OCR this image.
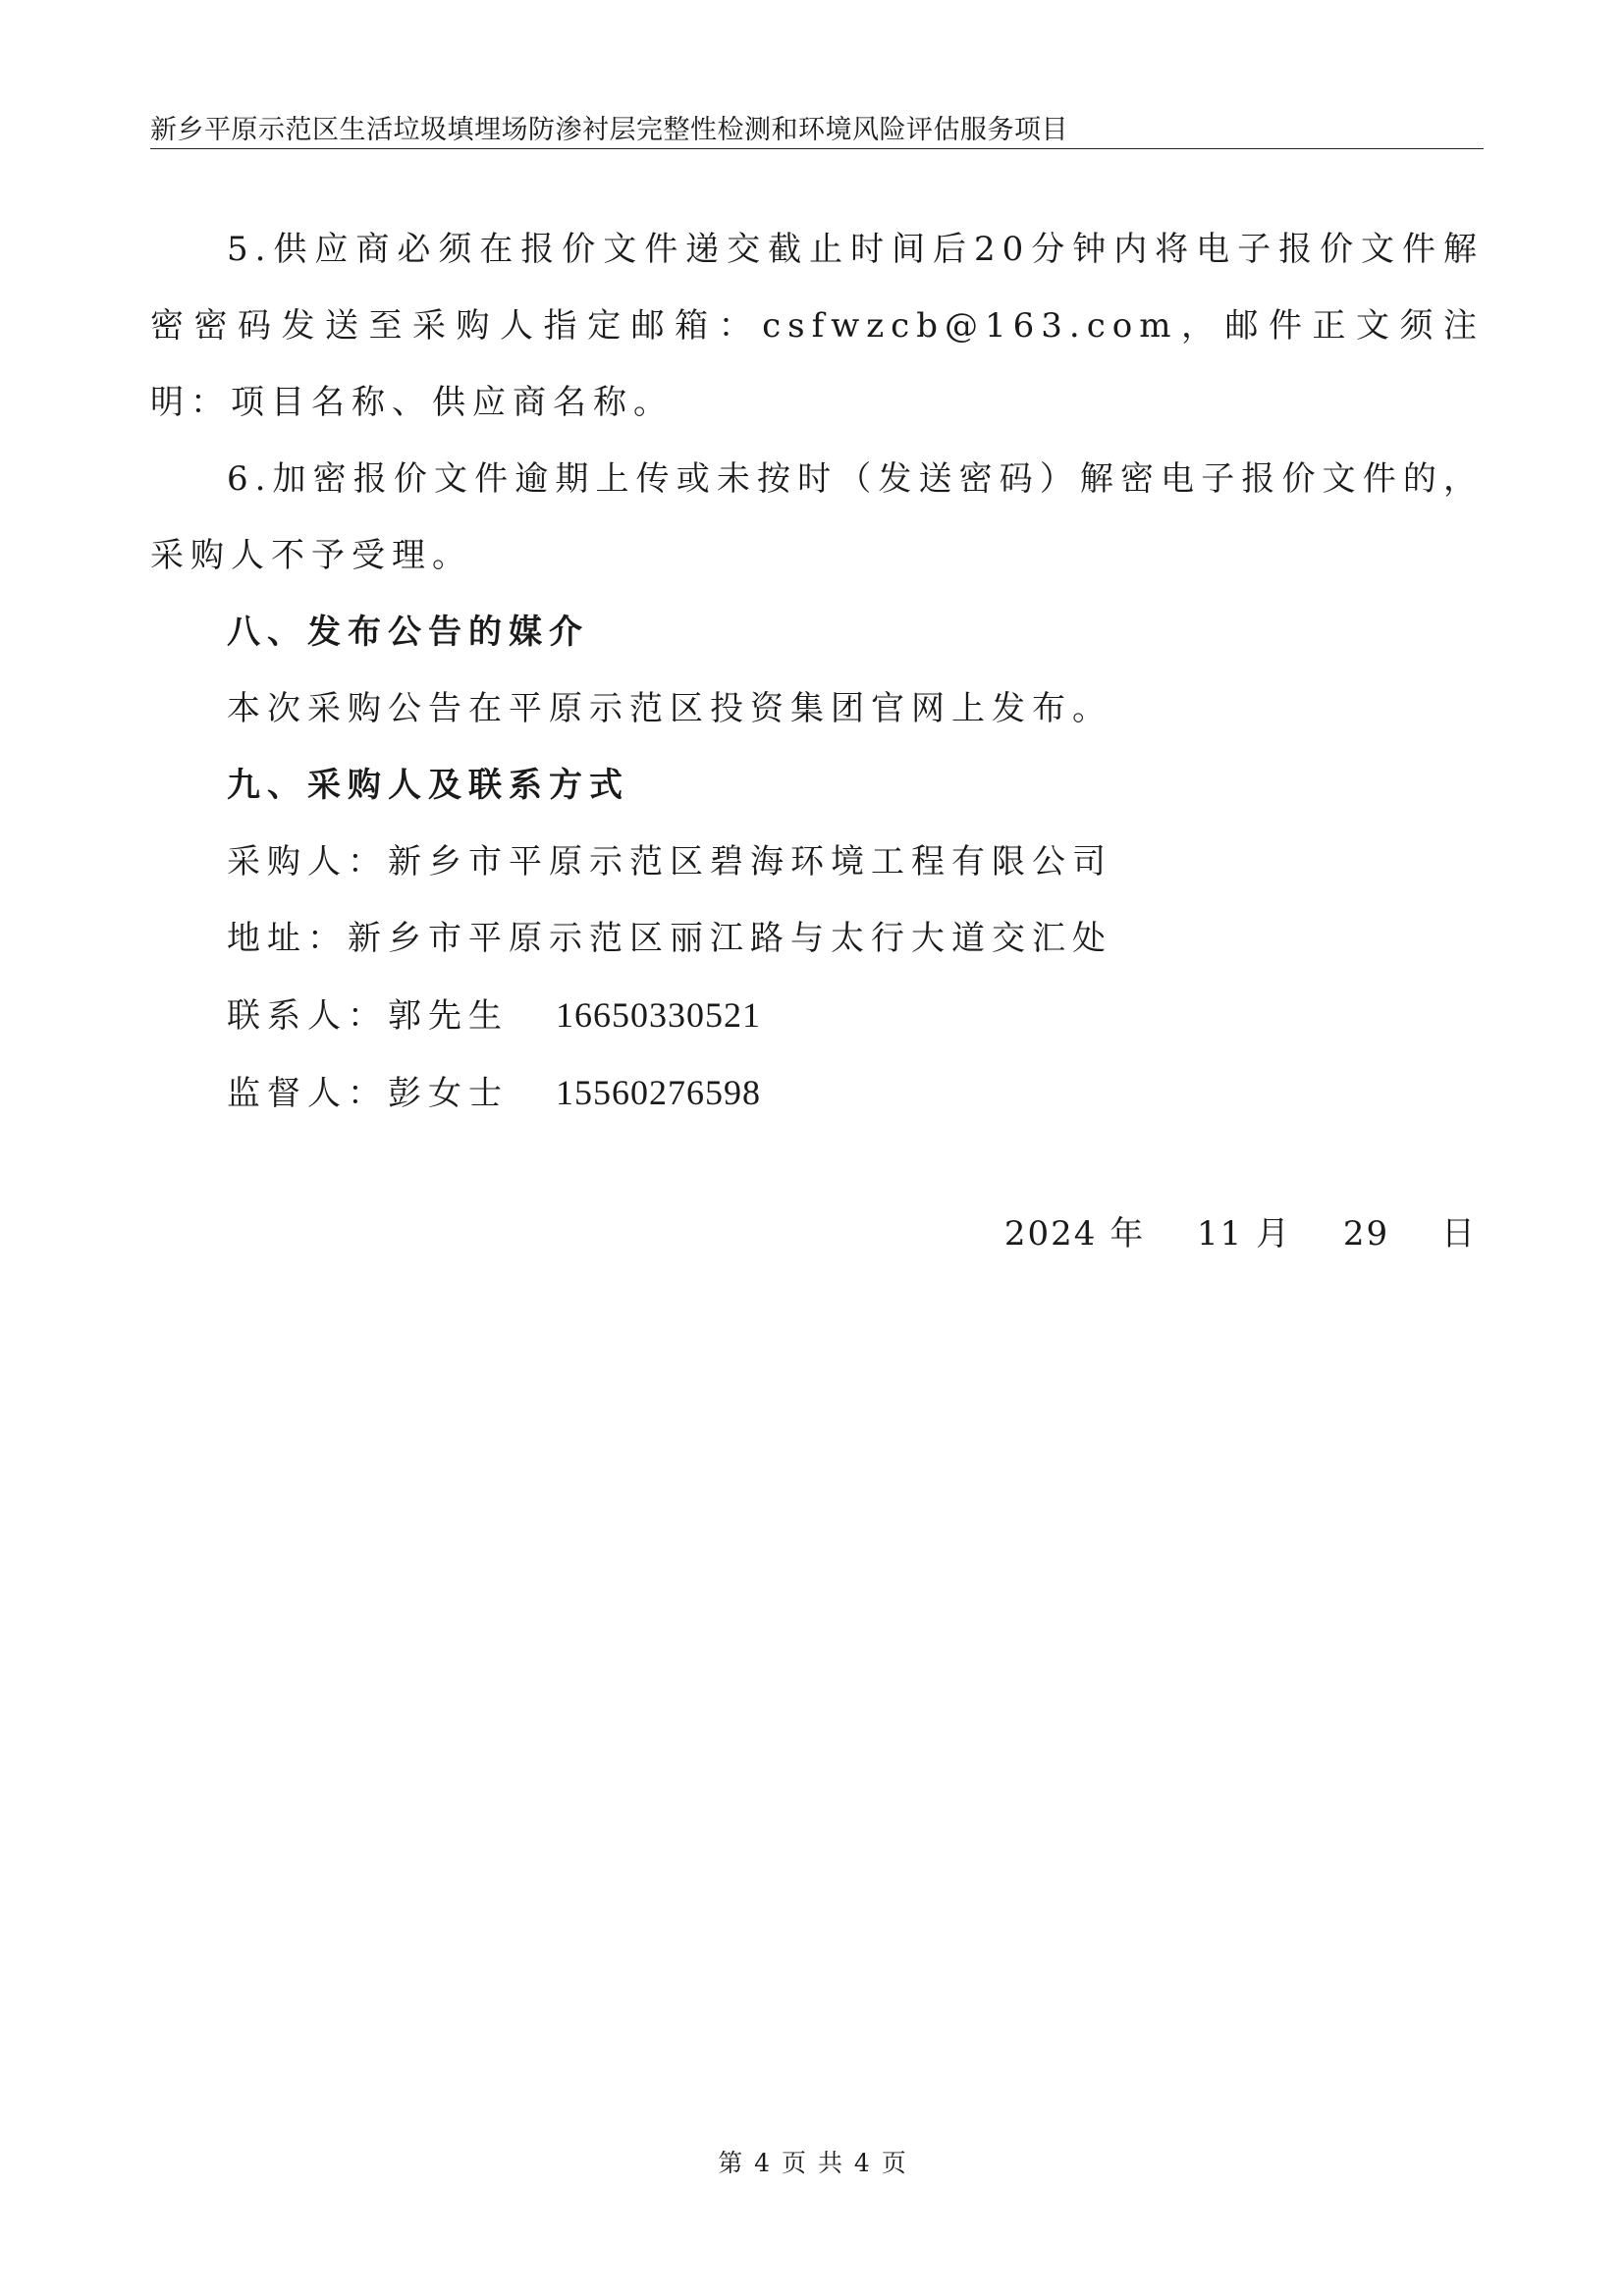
新乡平原示范区生活垃圾填埋场防渗衬层完整性检测和环境风险评估服务项目

5.供应商必须在报价文件递交截止时间后20分钟内将电子报价文件解密密码发送至采购人指定邮箱：csfwzcb@163.com，邮件正文须注明：项目名称、供应商名称。

6.加密报价文件逾期上传或未按时（发送密码）解密电子报价文件的，采购人不予受理。

八、发布公告的媒介

本次采购公告在平原示范区投资集团官网上发布。

九、采购人及联系方式

采购人：新乡市平原示范区碧海环境工程有限公司

地址：新乡市平原示范区丽江路与太行大道交汇处

联系人：郭先生 16650330521

监督人：彭女士 15560276598

2024 年 11 月 29 日
第 4 页 共 4 页
